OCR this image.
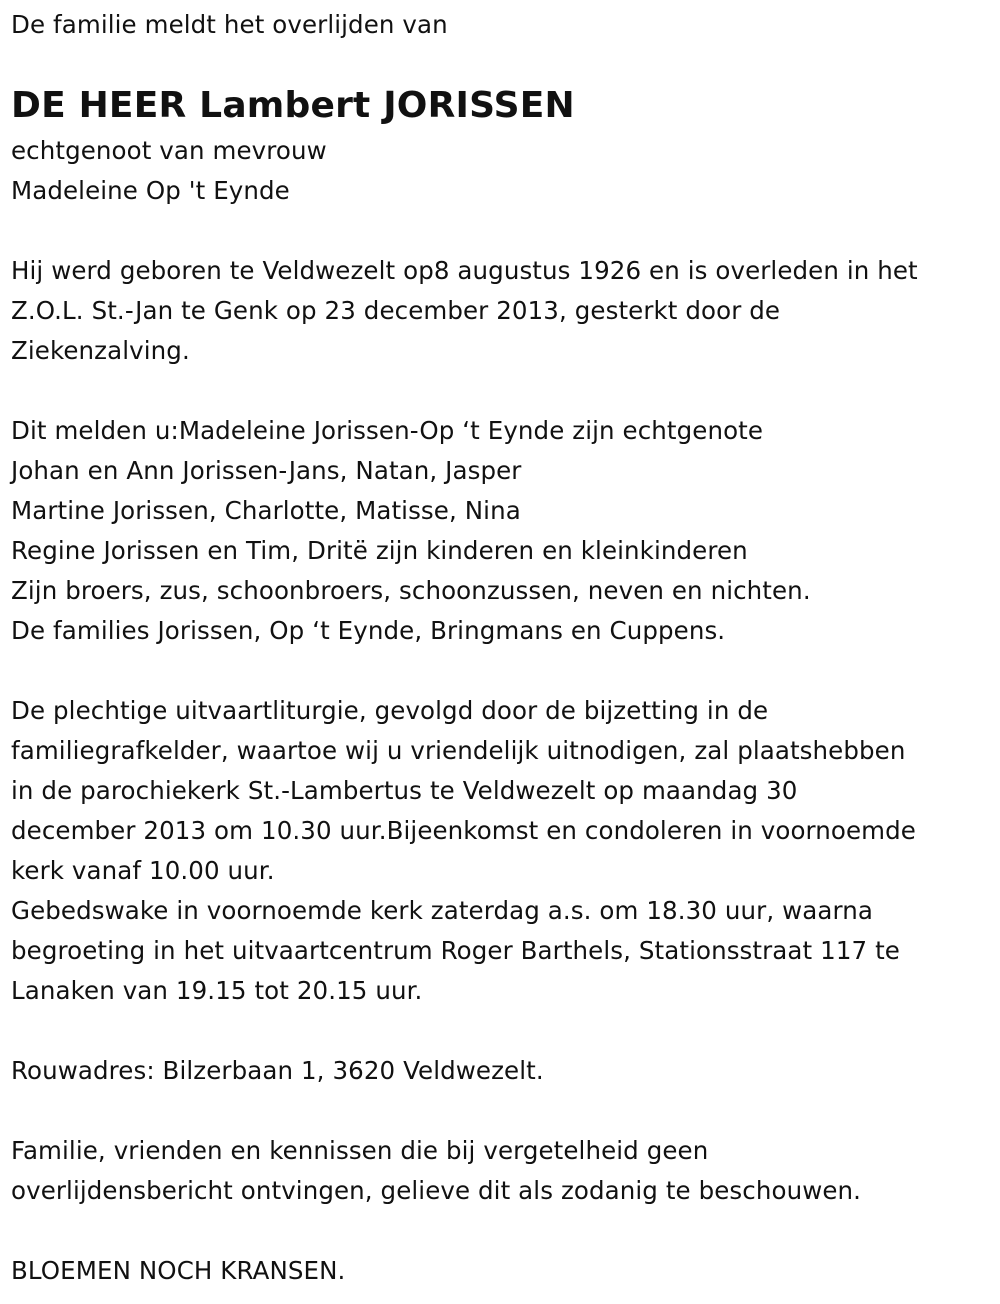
De familie meldt het overlijden van
DE HEER Lambert JORISSEN
echtgenoot van mevrouw
Madeleine Op 't Eynde
Hij werd geboren te Veldwezelt op8 augustus 1926 en is overleden in het
Z.O.L. St.-Jan te Genk op 23 december 2013, gesterkt door de
Ziekenzalving.
Dit melden u:Madeleine Jorissen-Op ‘t Eynde zijn echtgenote
Johan en Ann Jorissen-Jans, Natan, Jasper
Martine Jorissen, Charlotte, Matisse, Nina
Regine Jorissen en Tim, Dritë zijn kinderen en kleinkinderen
Zijn broers, zus, schoonbroers, schoonzussen, neven en nichten.
De families Jorissen, Op ‘t Eynde, Bringmans en Cuppens.
De plechtige uitvaartliturgie, gevolgd door de bijzetting in de
familiegrafkelder, waartoe wij u vriendelijk uitnodigen, zal plaatshebben
in de parochiekerk St.-Lambertus te Veldwezelt op maandag 30
december 2013 om 10.30 uur.Bijeenkomst en condoleren in voornoemde
kerk vanaf 10.00 uur.
Gebedswake in voornoemde kerk zaterdag a.s. om 18.30 uur, waarna
begroeting in het uitvaartcentrum Roger Barthels, Stationsstraat 117 te
Lanaken van 19.15 tot 20.15 uur.
Rouwadres: Bilzerbaan 1, 3620 Veldwezelt.
Familie, vrienden en kennissen die bij vergetelheid geen
overlijdensbericht ontvingen, gelieve dit als zodanig te beschouwen.
BLOEMEN NOCH KRANSEN.
